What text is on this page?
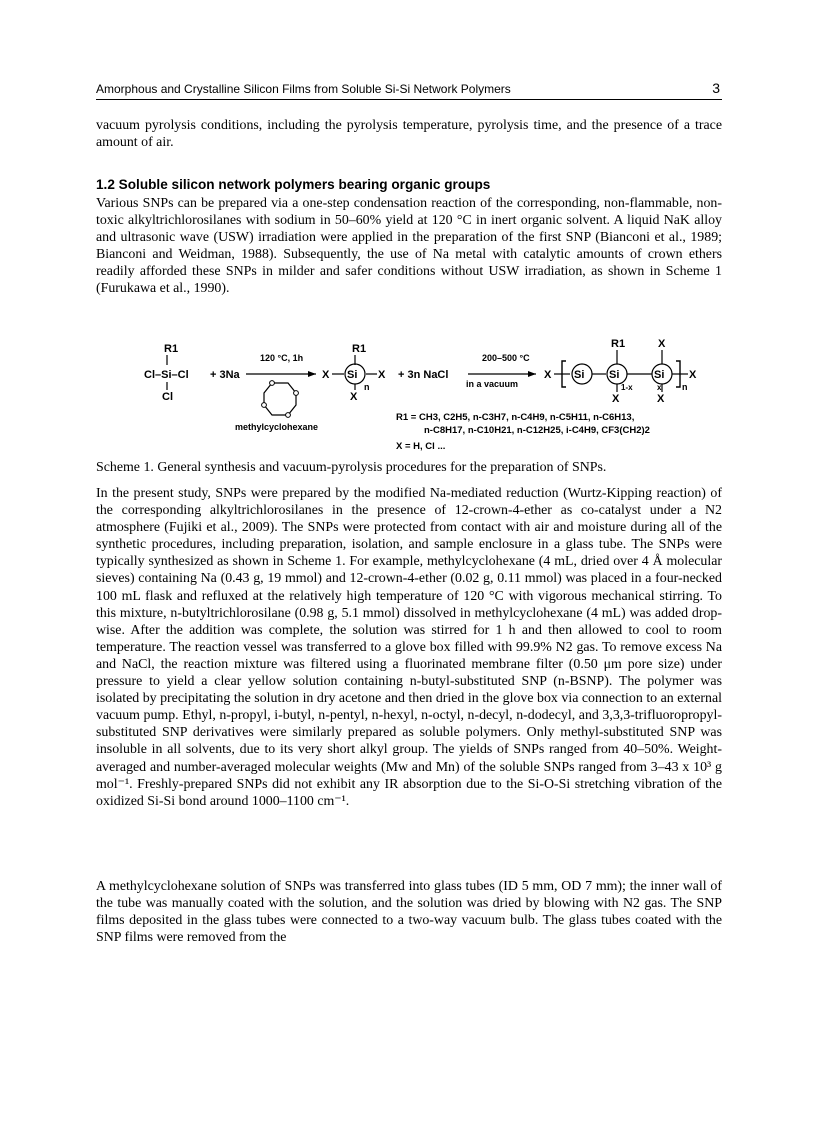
Amorphous and Crystalline Silicon Films from Soluble Si-Si Network Polymers	3

vacuum pyrolysis conditions, including the pyrolysis temperature, pyrolysis time, and the presence of a trace amount of air.

1.2 Soluble silicon network polymers bearing organic groups

Various SNPs can be prepared via a one-step condensation reaction of the corresponding, non-flammable, non-toxic alkyltrichlorosilanes with sodium in 50–60% yield at 120 °C in inert organic solvent. A liquid NaK alloy and ultrasonic wave (USW) irradiation were applied in the preparation of the first SNP (Bianconi et al., 1989; Bianconi and Weidman, 1988). Subsequently, the use of Na metal with catalytic amounts of crown ethers readily afforded these SNPs in milder and safer conditions without USW irradiation, as shown in Scheme 1 (Furukawa et al., 1990).

R1
Cl–Si–Cl
Cl
+ 3Na
120 °C, 1h
methylcyclohexane
R1
X Si X
n
X
+ 3n NaCl
200–500 °C
in a vacuum
X
R1
Si Si
X
Si X
1-x	x n
X	X
R1 = CH3, C2H5, n-C3H7, n-C4H9, n-C5H11, n-C6H13,
n-C8H17, n-C10H21, n-C12H25, i-C4H9, CF3(CH2)2
X = H, Cl ...
Scheme 1. General synthesis and vacuum-pyrolysis procedures for the preparation of SNPs.

In the present study, SNPs were prepared by the modified Na-mediated reduction (Wurtz-Kipping reaction) of the corresponding alkyltrichlorosilanes in the presence of 12-crown-4-ether as co-catalyst under a N2 atmosphere (Fujiki et al., 2009). The SNPs were protected from contact with air and moisture during all of the synthetic procedures, including preparation, isolation, and sample enclosure in a glass tube. The SNPs were typically synthesized as shown in Scheme 1. For example, methylcyclohexane (4 mL, dried over 4 Å molecular sieves) containing Na (0.43 g, 19 mmol) and 12-crown-4-ether (0.02 g, 0.11 mmol) was placed in a four-necked 100 mL flask and refluxed at the relatively high temperature of 120 °C with vigorous mechanical stirring. To this mixture, n-butyltrichlorosilane (0.98 g, 5.1 mmol) dissolved in methylcyclohexane (4 mL) was added drop-wise. After the addition was complete, the solution was stirred for 1 h and then allowed to cool to room temperature. The reaction vessel was transferred to a glove box filled with 99.9% N2 gas. To remove excess Na and NaCl, the reaction mixture was filtered using a fluorinated membrane filter (0.50 μm pore size) under pressure to yield a clear yellow solution containing n-butyl-substituted SNP (n-BSNP). The polymer was isolated by precipitating the solution in dry acetone and then dried in the glove box via connection to an external vacuum pump. Ethyl, n-propyl, i-butyl, n-pentyl, n-hexyl, n-octyl, n-decyl, n-dodecyl, and 3,3,3-trifluoropropyl-substituted SNP derivatives were similarly prepared as soluble polymers. Only methyl-substituted SNP was insoluble in all solvents, due to its very short alkyl group. The yields of SNPs ranged from 40–50%. Weight-averaged and number-averaged molecular weights (Mw and Mn) of the soluble SNPs ranged from 3–43 x 10³ g mol⁻¹. Freshly-prepared SNPs did not exhibit any IR absorption due to the Si-O-Si stretching vibration of the oxidized Si-Si bond around 1000–1100 cm⁻¹.

A methylcyclohexane solution of SNPs was transferred into glass tubes (ID 5 mm, OD 7 mm); the inner wall of the tube was manually coated with the solution, and the solution was dried by blowing with N2 gas. The SNP films deposited in the glass tubes were connected to a two-way vacuum bulb. The glass tubes coated with the SNP films were removed from the
